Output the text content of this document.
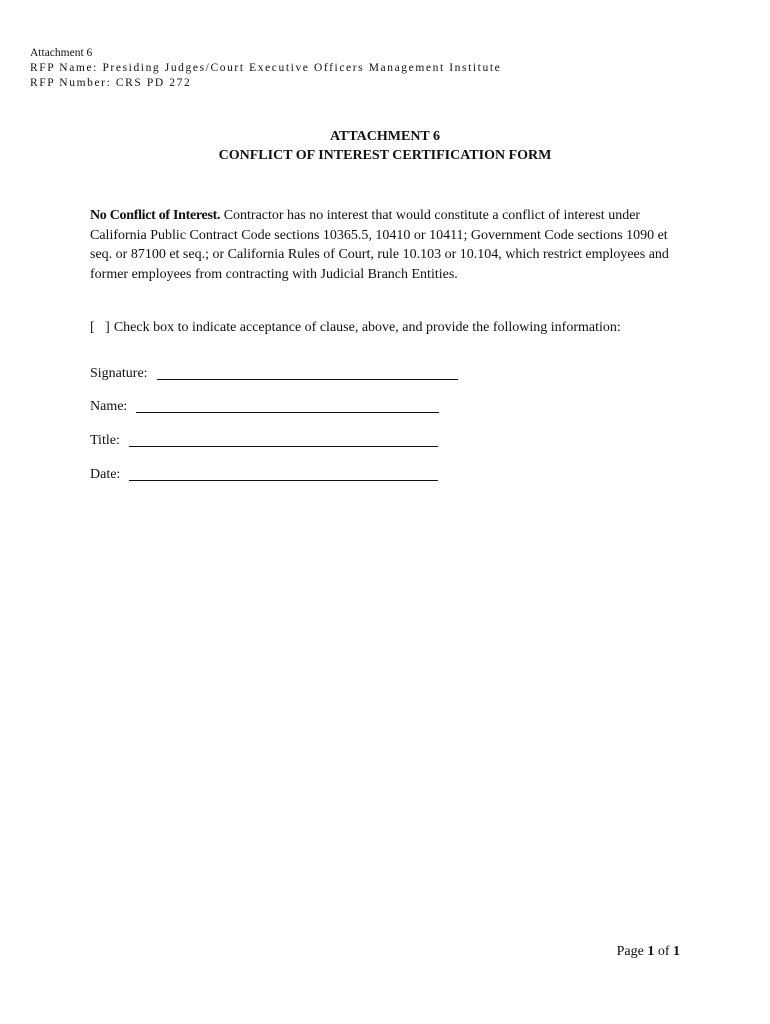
Attachment 6
RFP Name: Presiding Judges/Court Executive Officers Management Institute
RFP Number: CRS PD 272
ATTACHMENT 6
CONFLICT OF INTEREST CERTIFICATION FORM
No Conflict of Interest. Contractor has no interest that would constitute a conflict of interest under California Public Contract Code sections 10365.5, 10410 or 10411; Government Code sections 1090 et seq. or 87100 et seq.; or California Rules of Court, rule 10.103 or 10.104, which restrict employees and former employees from contracting with Judicial Branch Entities.
[   ] Check box to indicate acceptance of clause, above, and provide the following information:
Signature:
Name:
Title:
Date:
Page 1 of 1
